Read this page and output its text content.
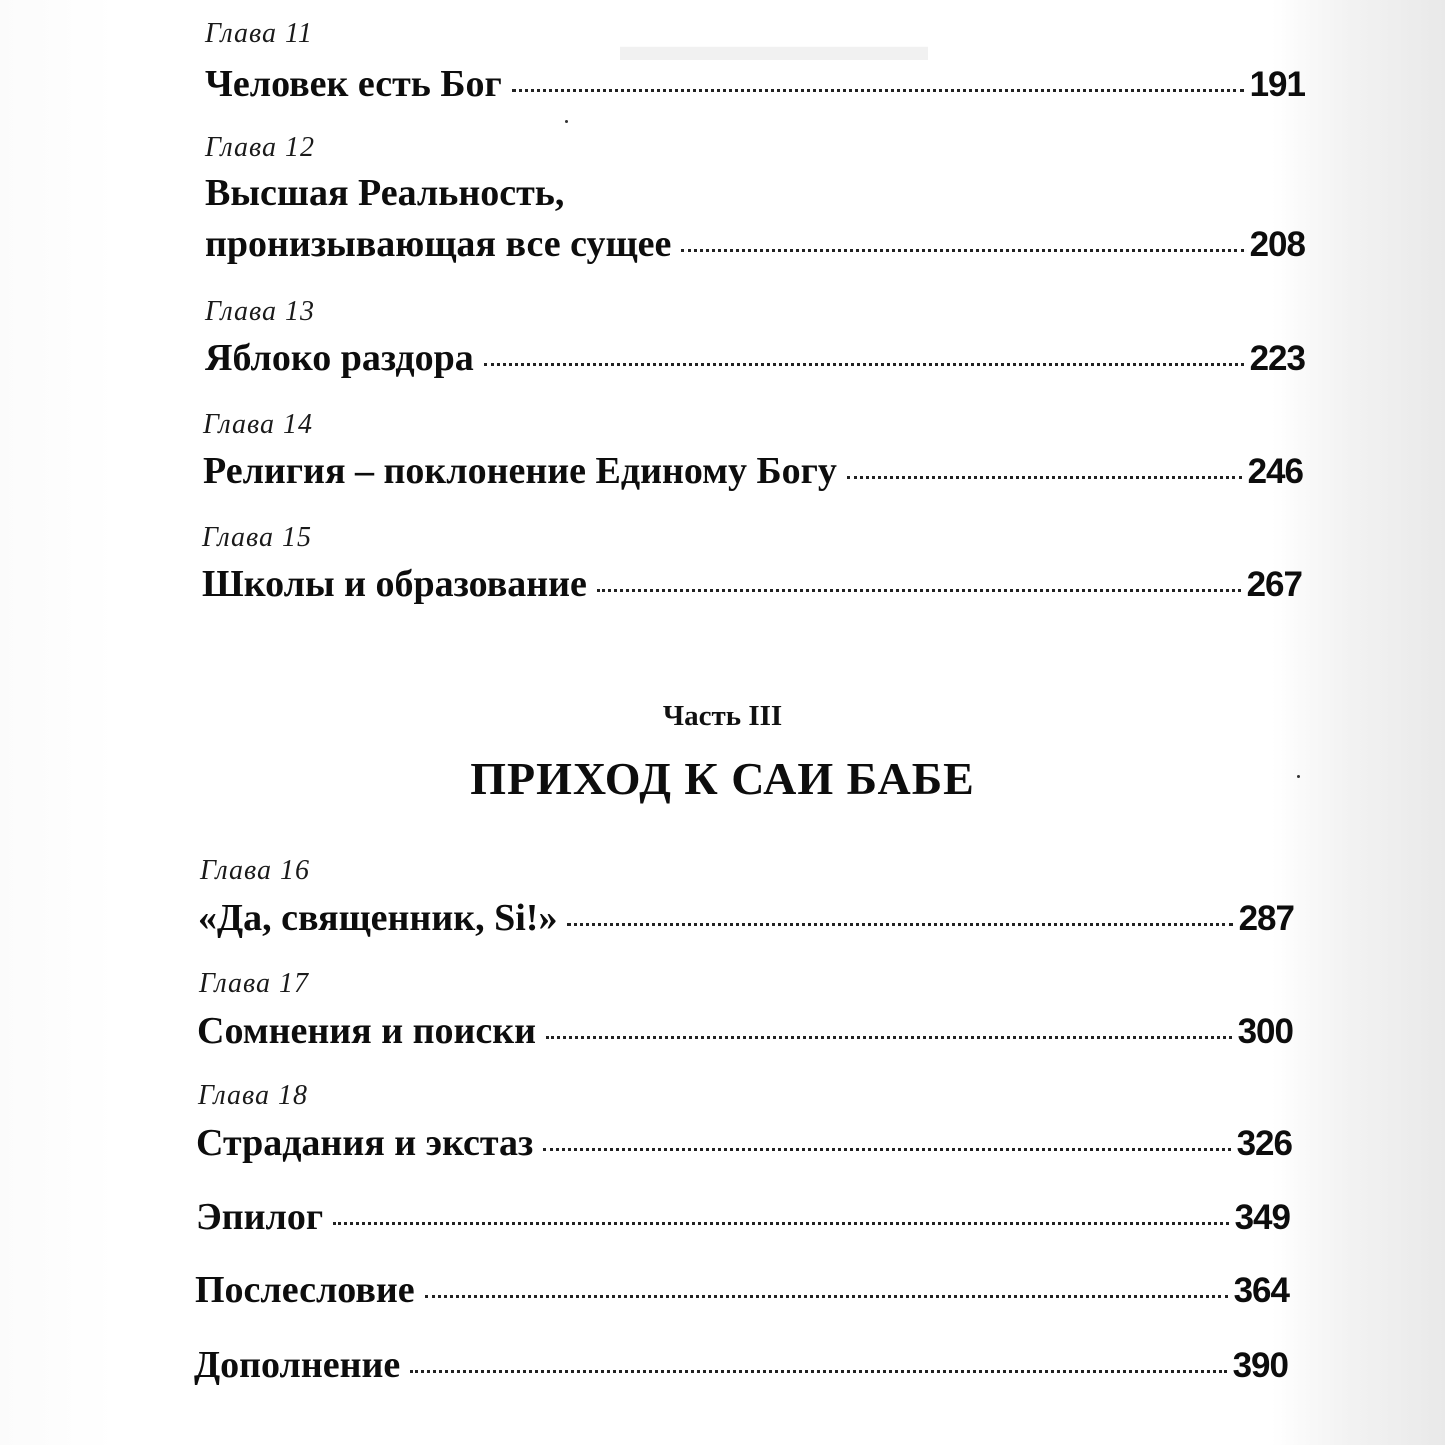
▬▬▬▬▬▬▬
Глава 11
Человек есть Бог	191
Глава 12
Высшая Реальность,
пронизывающая все сущее	208
Глава 13
Яблоко раздора	223
Глава 14
Религия – поклонение Единому Богу	246
Глава 15
Школы и образование	267
Часть III
ПРИХОД К САИ БАБЕ
Глава 16
«Да, священник, Si!»	287
Глава 17
Сомнения и поиски	300
Глава 18
Страдания и экстаз	326
Эпилог	349
Послесловие	364
Дополнение	390
